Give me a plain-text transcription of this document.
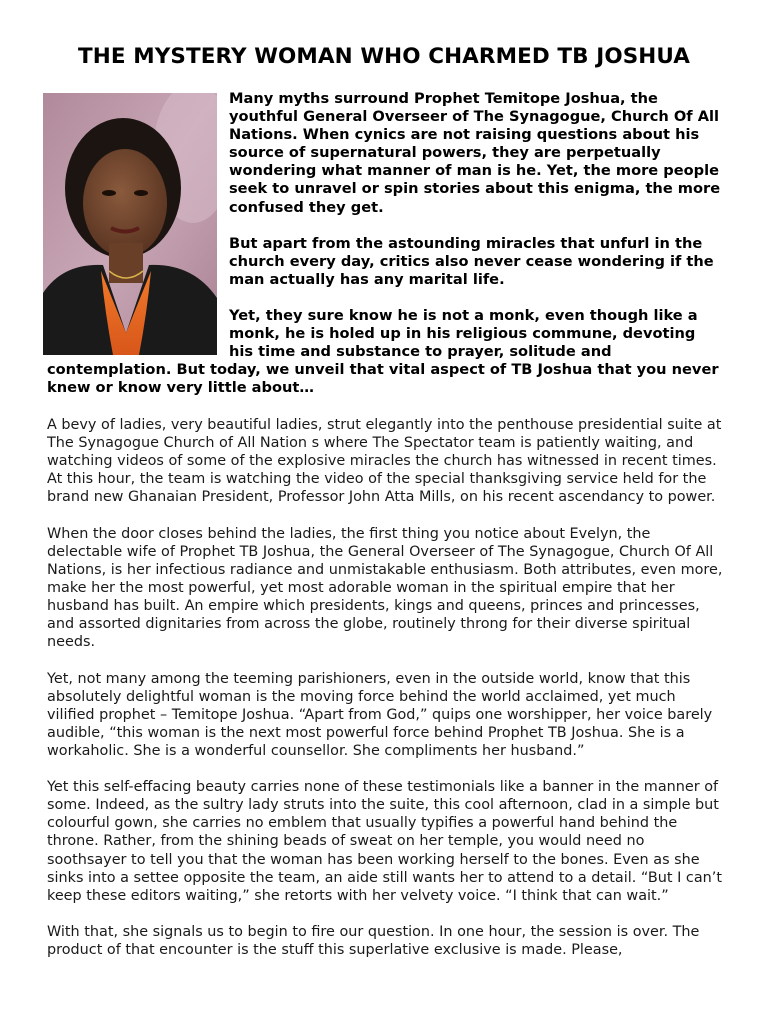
THE MYSTERY WOMAN WHO CHARMED TB JOSHUA

Many myths surround Prophet Temitope Joshua, the youthful General Overseer of The Synagogue, Church Of All Nations. When cynics are not raising questions about his source of supernatural powers, they are perpetually wondering what manner of man is he. Yet, the more people seek to unravel or spin stories about this enigma, the more confused they get.

But apart from the astounding miracles that unfurl in the church every day, critics also never cease wondering if the man actually has any marital life.

Yet, they sure know he is not a monk, even though like a monk, he is holed up in his religious commune, devoting his time and substance to prayer, solitude and contemplation. But today, we unveil that vital aspect of TB Joshua that you never knew or know very little about…

A bevy of ladies, very beautiful ladies, strut elegantly into the penthouse presidential suite at The Synagogue Church of All Nation s where The Spectator team is patiently waiting, and watching videos of some of the explosive miracles the church has witnessed in recent times. At this hour, the team is watching the video of the special thanksgiving service held for the brand new Ghanaian President, Professor John Atta Mills, on his recent ascendancy to power.

When the door closes behind the ladies, the first thing you notice about Evelyn, the delectable wife of Prophet TB Joshua, the General Overseer of The Synagogue, Church Of All Nations, is her infectious radiance and unmistakable enthusiasm. Both attributes, even more, make her the most powerful, yet most adorable woman in the spiritual empire that her husband has built. An empire which presidents, kings and queens, princes and princesses, and assorted dignitaries from across the globe, routinely throng for their diverse spiritual needs.

Yet, not many among the teeming parishioners, even in the outside world, know that this absolutely delightful woman is the moving force behind the world acclaimed, yet much vilified prophet – Temitope Joshua. “Apart from God,” quips one worshipper, her voice barely audible, “this woman is the next most powerful force behind Prophet TB Joshua. She is a workaholic. She is a wonderful counsellor. She compliments her husband.”

Yet this self-effacing beauty carries none of these testimonials like a banner in the manner of some. Indeed, as the sultry lady struts into the suite, this cool afternoon, clad in a simple but colourful gown, she carries no emblem that usually typifies a powerful hand behind the throne. Rather, from the shining beads of sweat on her temple, you would need no soothsayer to tell you that the woman has been working herself to the bones. Even as she sinks into a settee opposite the team, an aide still wants her to attend to a detail. “But I can’t keep these editors waiting,” she retorts with her velvety voice. “I think that can wait.”

With that, she signals us to begin to fire our question. In one hour, the session is over. The product of that encounter is the stuff this superlative exclusive is made. Please,
